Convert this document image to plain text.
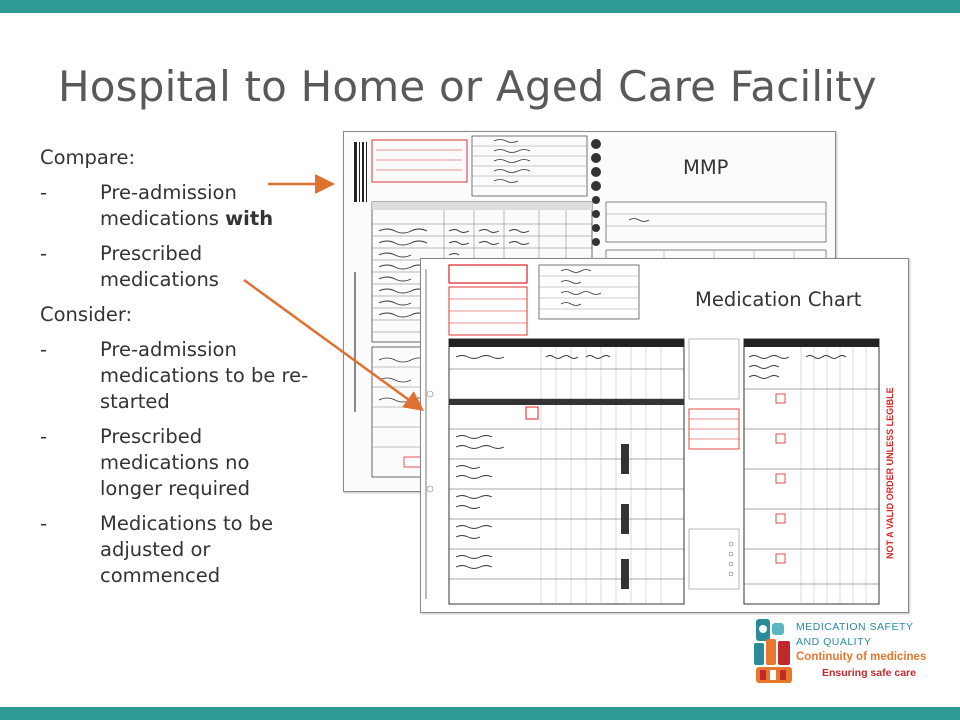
Hospital to Home or Aged Care Facility
Compare:
-	Pre-admission medications with
-	Prescribed medications
Consider:
-	Pre-admission medications to be re-started
-	Prescribed medications no longer required
-	Medications to be adjusted or commenced
MMP
NOT A VALID ORDER UNLESS LEGIBLE
Medication Chart
MEDICATION SAFETY
AND QUALITY
Continuity of medicines
Ensuring safe care
